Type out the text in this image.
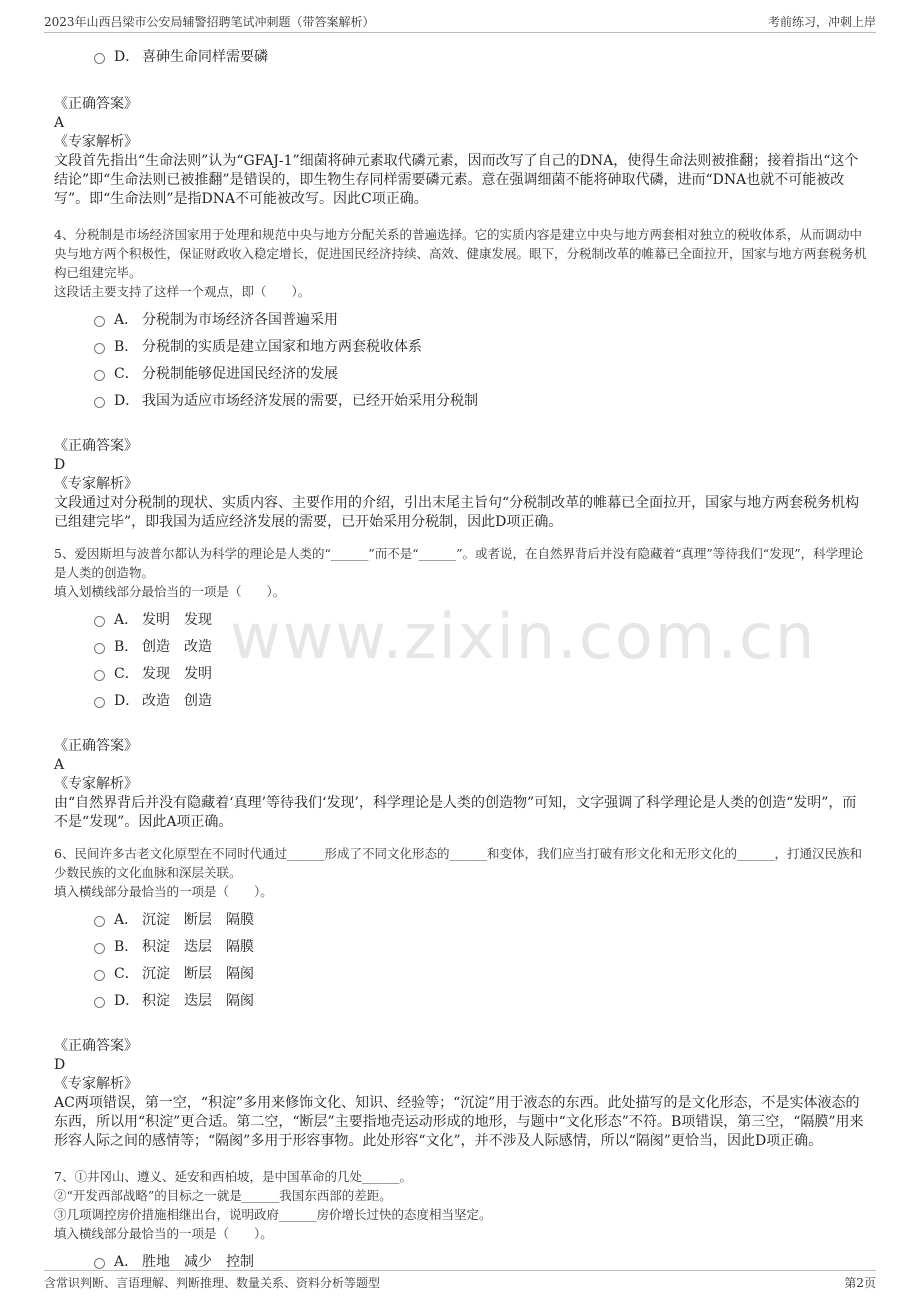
2023年山西吕梁市公安局辅警招聘笔试冲刺题（带答案解析）	考前练习，冲刺上岸
www.zixin.com.cn
D． 喜砷生命同样需要磷
《正确答案》
A
《专家解析》
文段首先指出“生命法则”认为“GFAJ-1”细菌将砷元素取代磷元素，因而改写了自己的DNA，使得生命法则被推翻；接着指出“这个结论”即“生命法则已被推翻”是错误的，即生物生存同样需要磷元素。意在强调细菌不能将砷取代磷，进而“DNA也就不可能被改写”。即“生命法则”是指DNA不可能被改写。因此C项正确。
4、分税制是市场经济国家用于处理和规范中央与地方分配关系的普遍选择。它的实质内容是建立中央与地方两套相对独立的税收体系，从而调动中央与地方两个积极性，保证财政收入稳定增长，促进国民经济持续、高效、健康发展。眼下，分税制改革的帷幕已全面拉开，国家与地方两套税务机构已组建完毕。
这段话主要支持了这样一个观点，即（　　）。
A． 分税制为市场经济各国普遍采用
B． 分税制的实质是建立国家和地方两套税收体系
C． 分税制能够促进国民经济的发展
D． 我国为适应市场经济发展的需要，已经开始采用分税制
《正确答案》
D
《专家解析》
文段通过对分税制的现状、实质内容、主要作用的介绍，引出末尾主旨句“分税制改革的帷幕已全面拉开，国家与地方两套税务机构已组建完毕”，即我国为适应经济发展的需要，已开始采用分税制，因此D项正确。
5、爱因斯坦与波普尔都认为科学的理论是人类的“______”而不是“______”。或者说，在自然界背后并没有隐藏着“真理”等待我们“发现”，科学理论是人类的创造物。
填入划横线部分最恰当的一项是（　　）。
A． 发明　发现
B． 创造　改造
C． 发现　发明
D． 改造　创造
《正确答案》
A
《专家解析》
由“自然界背后并没有隐藏着‘真理’等待我们‘发现’，科学理论是人类的创造物”可知，文字强调了科学理论是人类的创造“发明”，而不是“发现”。因此A项正确。
6、民间许多古老文化原型在不同时代通过______形成了不同文化形态的______和变体，我们应当打破有形文化和无形文化的______，打通汉民族和少数民族的文化血脉和深层关联。
填入横线部分最恰当的一项是（　　）。
A． 沉淀　断层　隔膜
B． 积淀　迭层　隔膜
C． 沉淀　断层　隔阂
D． 积淀　迭层　隔阂
《正确答案》
D
《专家解析》
AC两项错误，第一空，“积淀”多用来修饰文化、知识、经验等；“沉淀”用于液态的东西。此处描写的是文化形态，不是实体液态的东西，所以用“积淀”更合适。第二空，“断层”主要指地壳运动形成的地形，与题中“文化形态”不符。B项错误，第三空，“隔膜”用来形容人际之间的感情等；“隔阂”多用于形容事物。此处形容“文化”，并不涉及人际感情，所以“隔阂”更恰当，因此D项正确。
7、①井冈山、遵义、延安和西柏坡，是中国革命的几处______。
②“开发西部战略”的目标之一就是______我国东西部的差距。
③几项调控房价措施相继出台，说明政府______房价增长过快的态度相当坚定。
填入横线部分最恰当的一项是（　　）。
A． 胜地　减少　控制
含常识判断、言语理解、判断推理、数量关系、资料分析等题型	第2页
